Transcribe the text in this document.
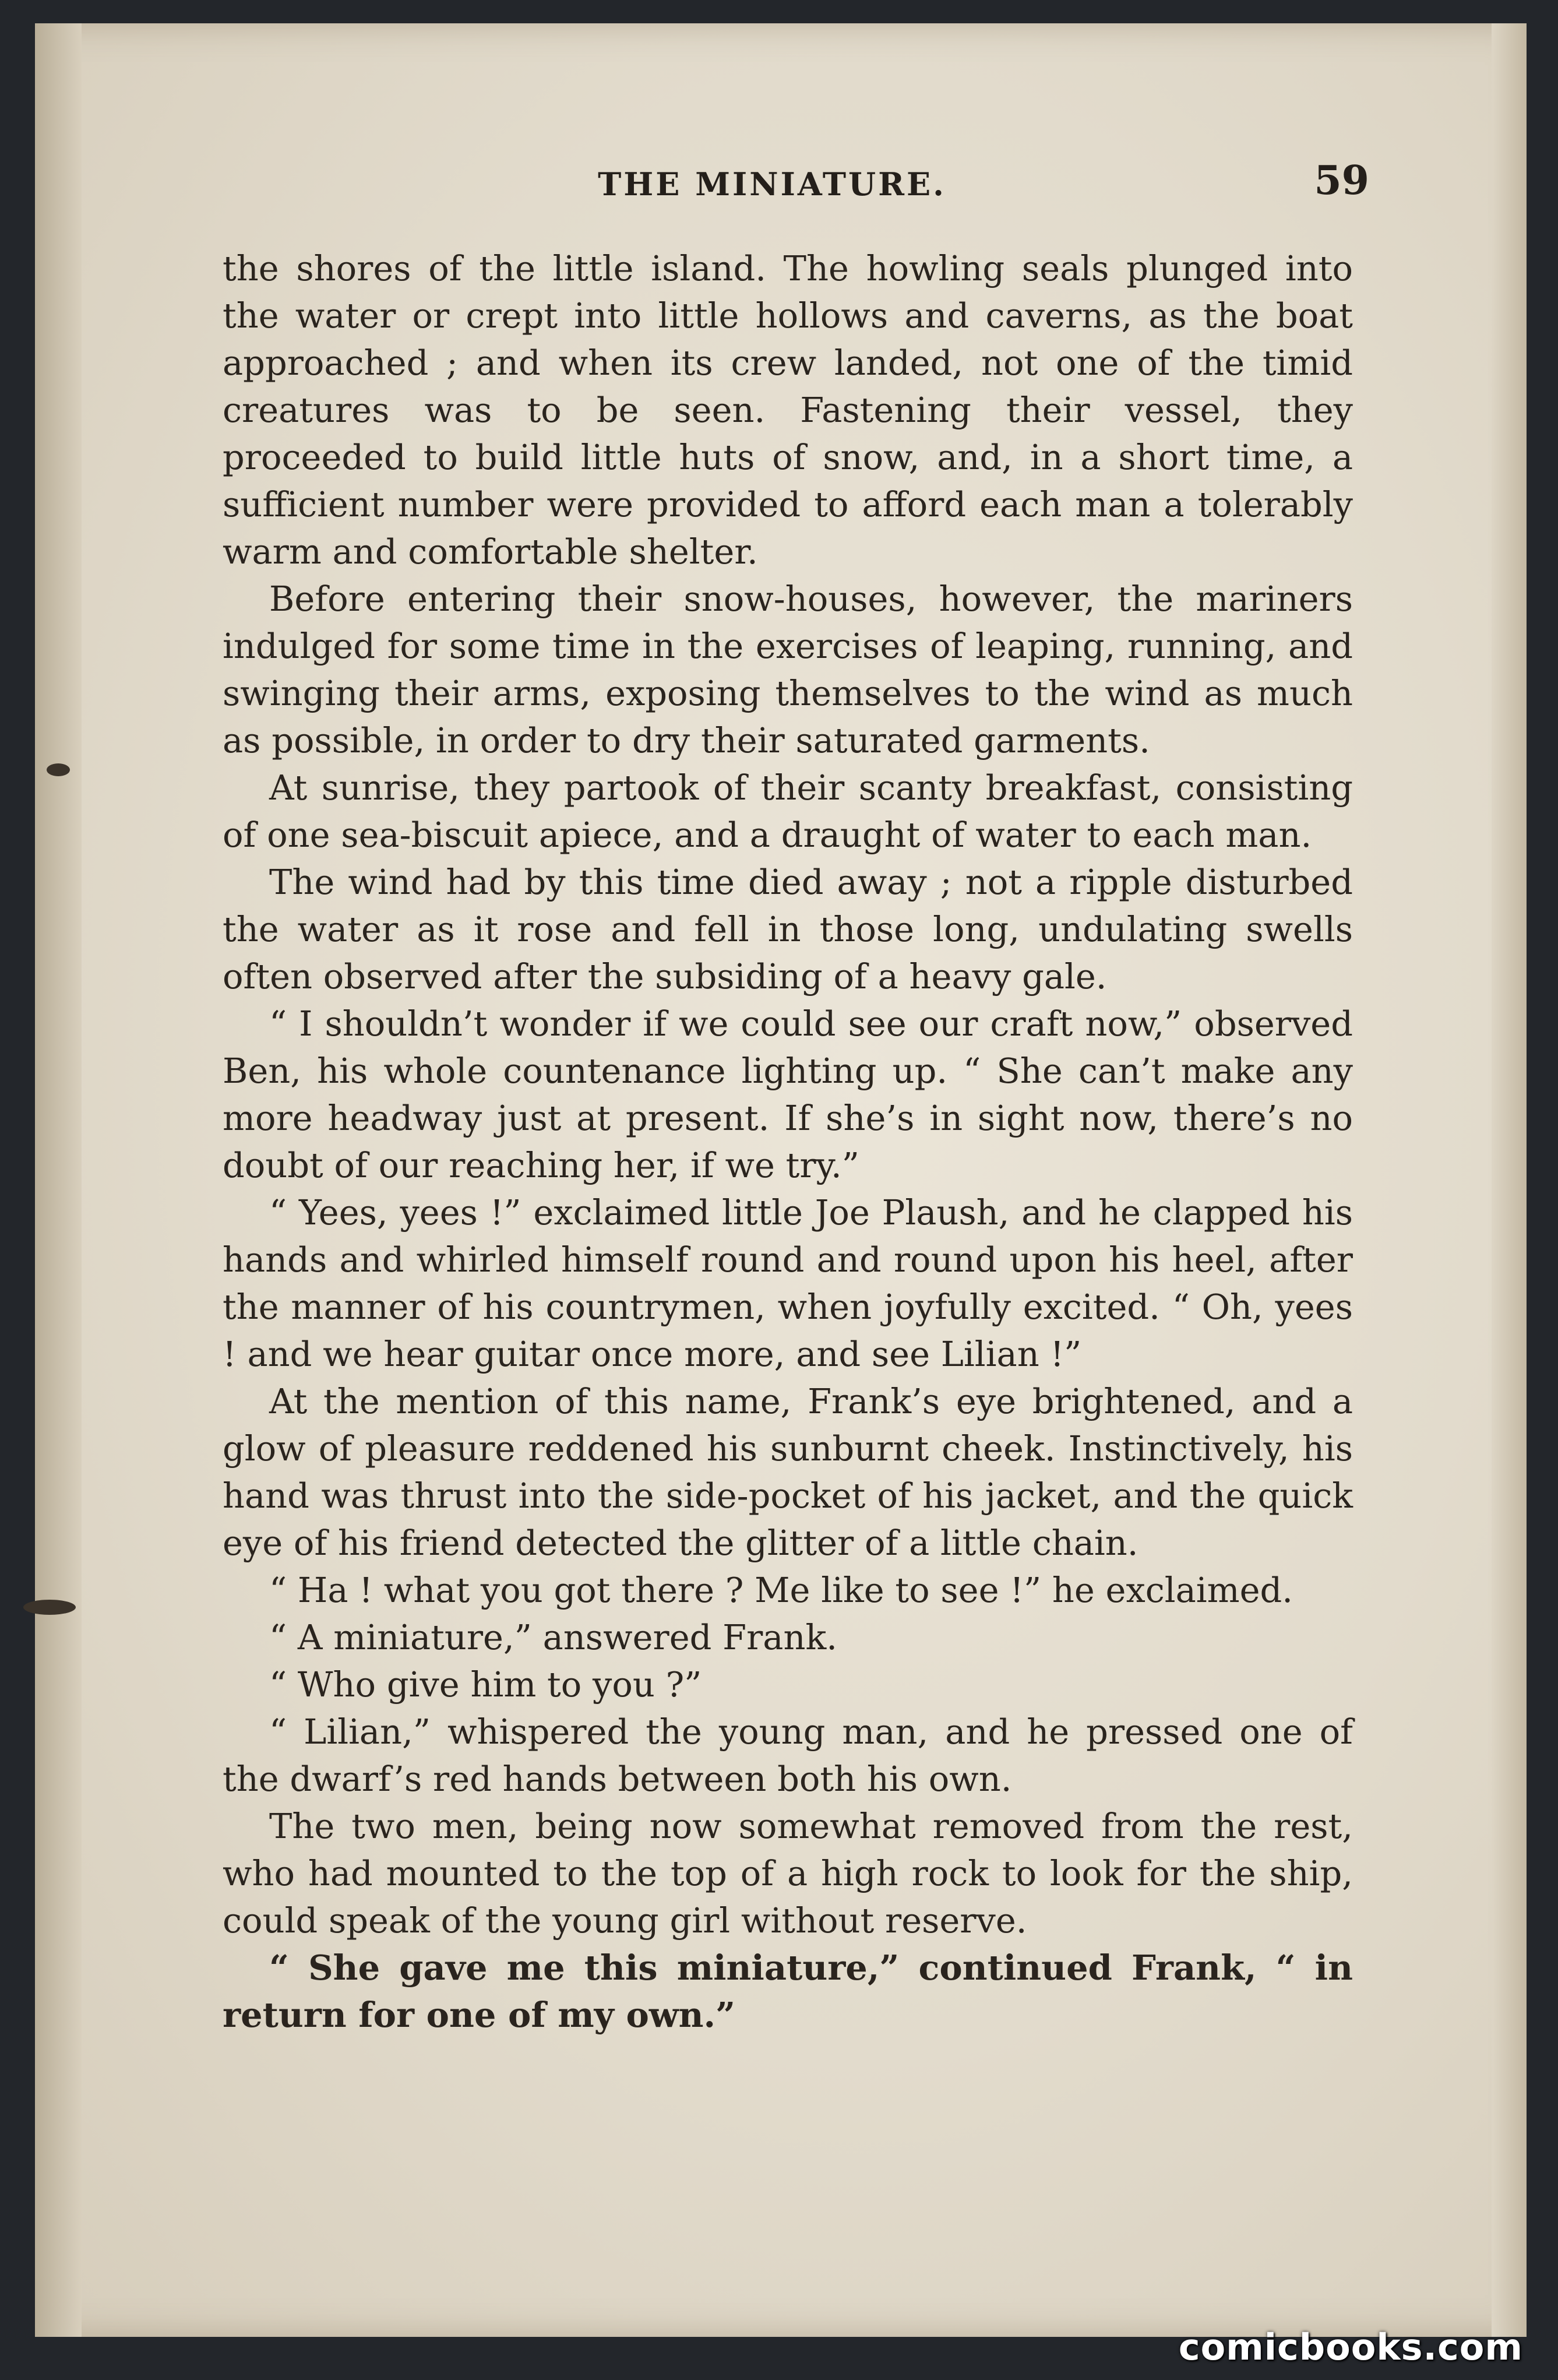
THE MINIATURE.	59

the shores of the little island. The howling seals plunged into the water or crept into little hollows and caverns, as the boat approached ; and when its crew landed, not one of the timid creatures was to be seen. Fastening their vessel, they proceeded to build little huts of snow, and, in a short time, a sufficient number were provided to afford each man a tolerably warm and comfortable shelter.

Before entering their snow-houses, however, the mariners indulged for some time in the exercises of leaping, running, and swinging their arms, exposing themselves to the wind as much as possible, in order to dry their saturated garments.

At sunrise, they partook of their scanty breakfast, consisting of one sea-biscuit apiece, and a draught of water to each man.

The wind had by this time died away ; not a ripple disturbed the water as it rose and fell in those long, undulating swells often observed after the subsiding of a heavy gale.

“ I shouldn’t wonder if we could see our craft now,” observed Ben, his whole countenance lighting up. “ She can’t make any more headway just at present. If she’s in sight now, there’s no doubt of our reaching her, if we try.”

“ Yees, yees !” exclaimed little Joe Plaush, and he clapped his hands and whirled himself round and round upon his heel, after the manner of his countrymen, when joyfully excited. “ Oh, yees ! and we hear guitar once more, and see Lilian !”

At the mention of this name, Frank’s eye brightened, and a glow of pleasure reddened his sunburnt cheek. Instinctively, his hand was thrust into the side-pocket of his jacket, and the quick eye of his friend detected the glitter of a little chain.

“ Ha ! what you got there ? Me like to see !” he exclaimed.

“ A miniature,” answered Frank.

“ Who give him to you ?”

“ Lilian,” whispered the young man, and he pressed one of the dwarf’s red hands between both his own.

The two men, being now somewhat removed from the rest, who had mounted to the top of a high rock to look for the ship, could speak of the young girl without reserve.

“ She gave me this miniature,” continued Frank, “ in return for one of my own.”

comicbooks.com
